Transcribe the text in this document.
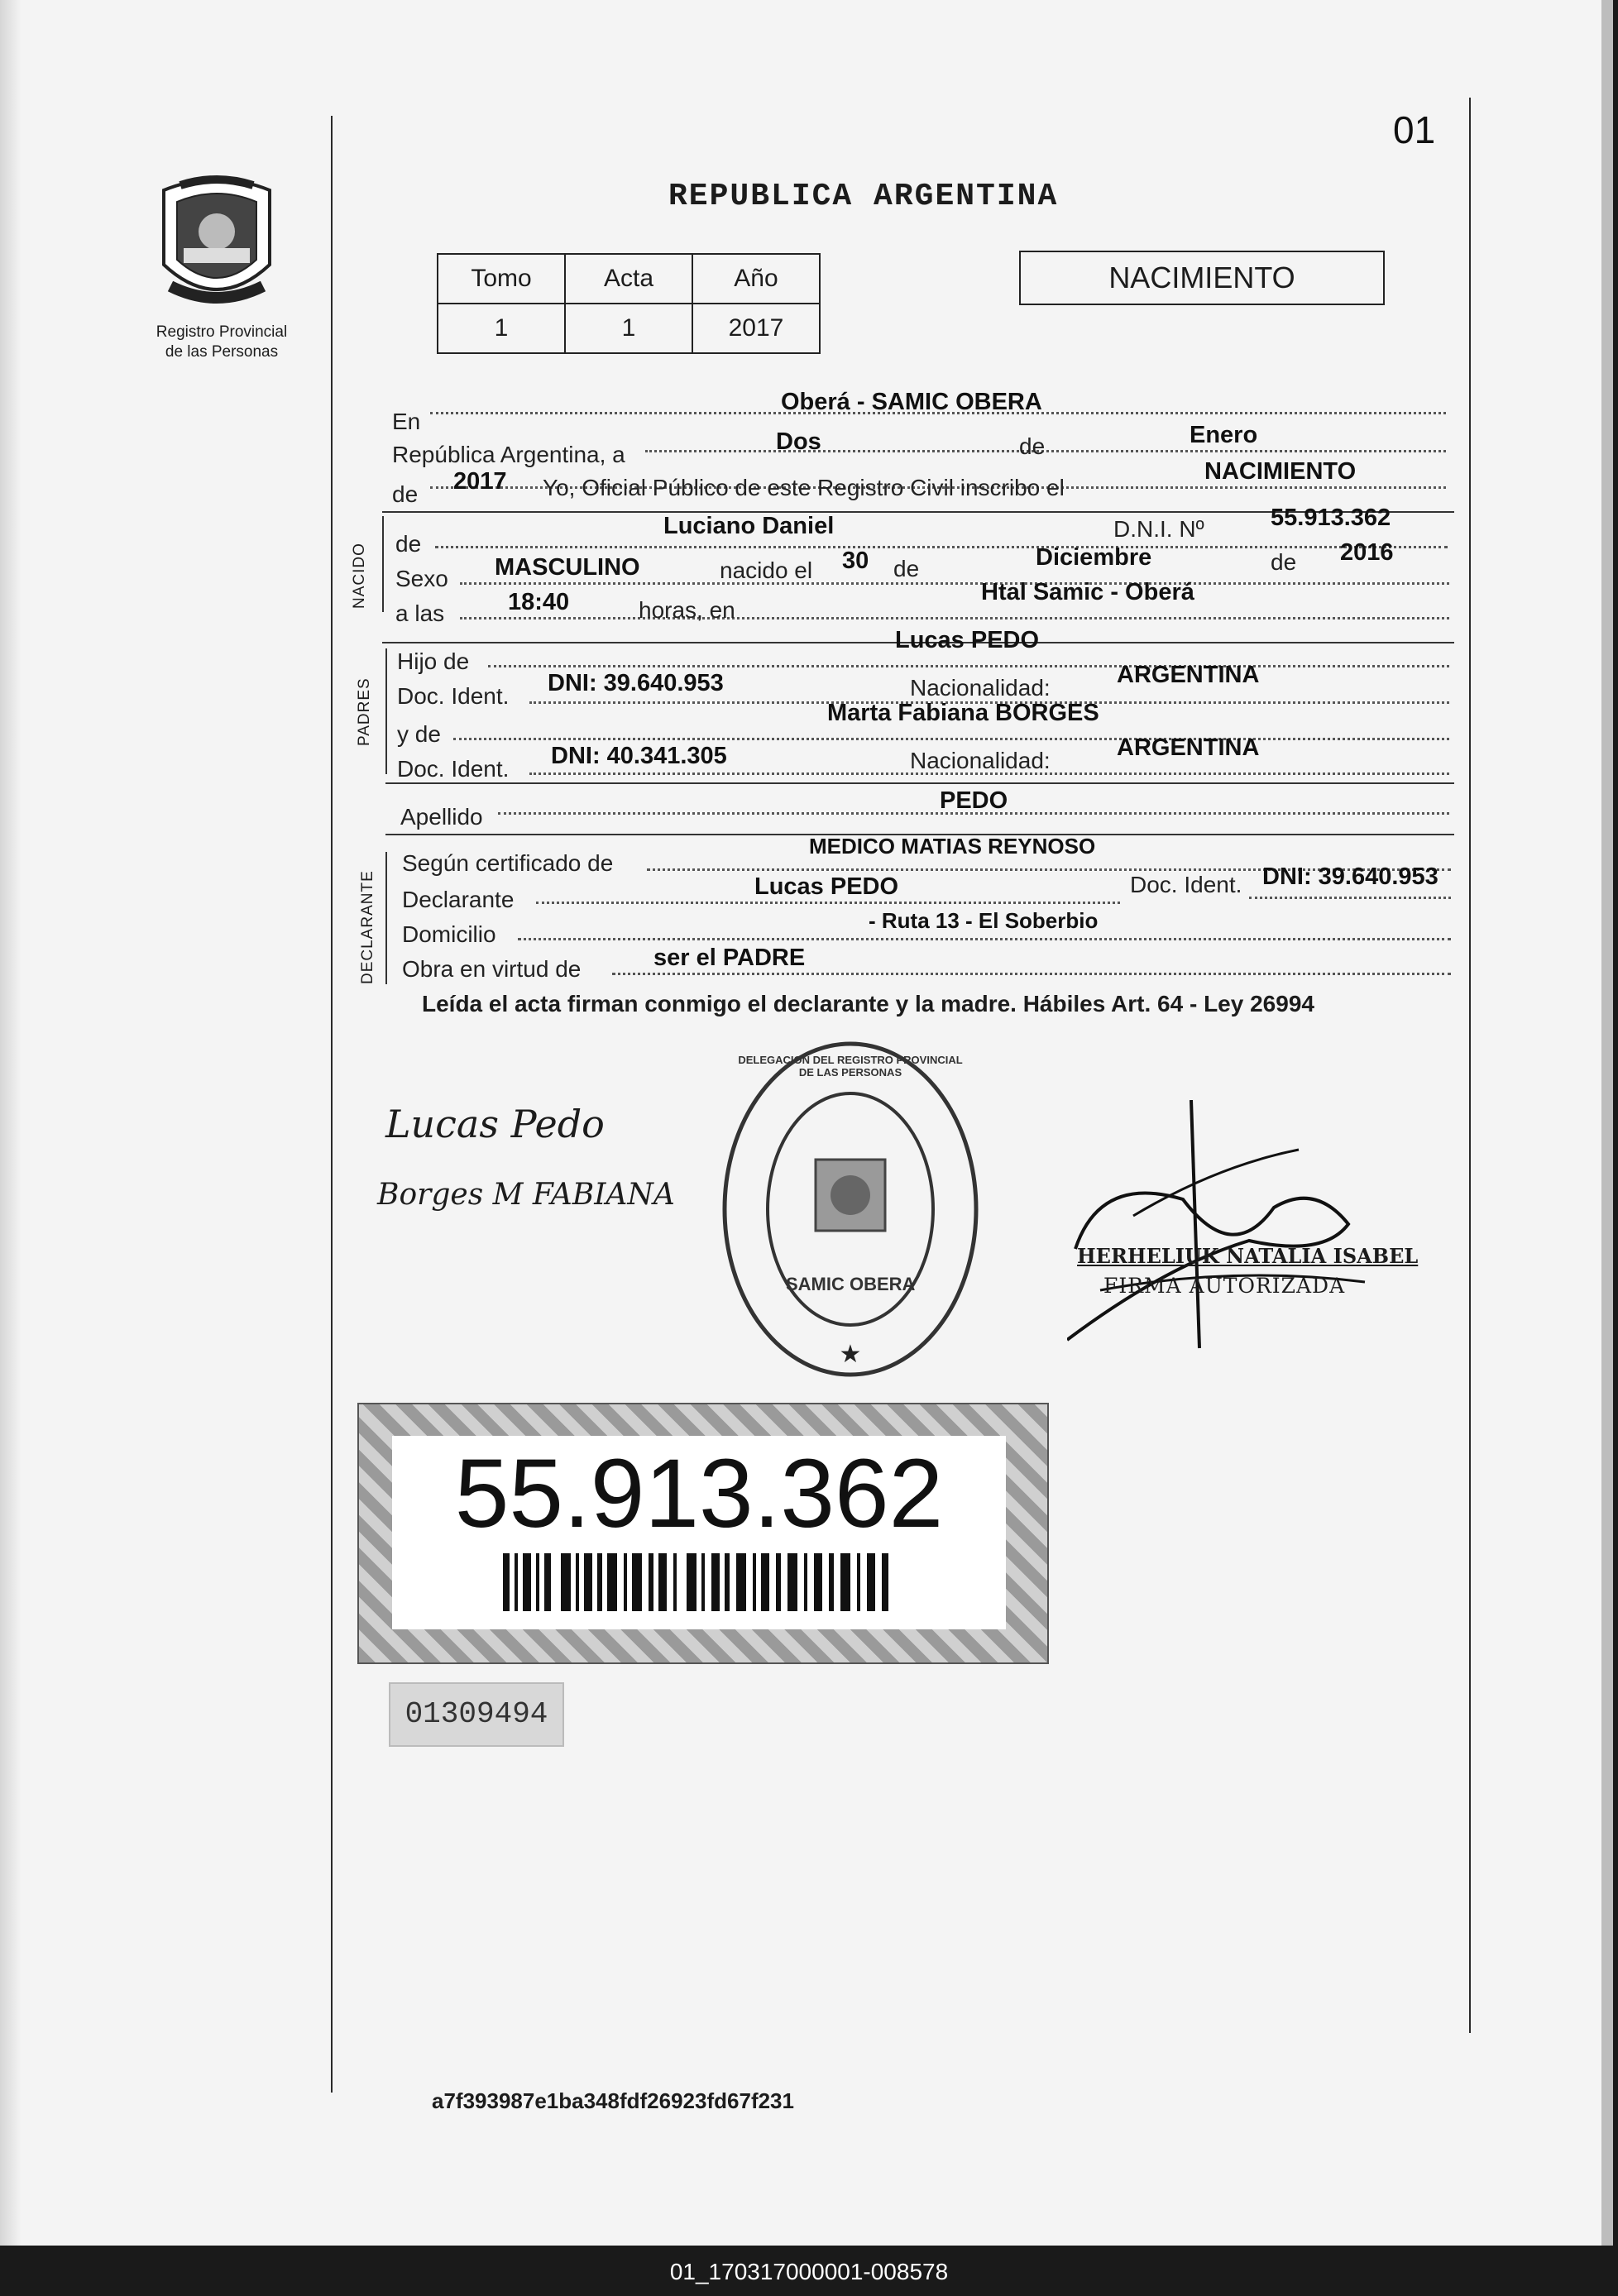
01
REPUBLICA ARGENTINA
Registro Provincial
de las Personas
Tomo	Acta	Año
1	1	2017
NACIMIENTO
En
Oberá - SAMIC OBERA
República Argentina, a	Dos	de	Enero
de 2017 Yo, Oficial Público de este Registro Civil inscribo el
NACIMIENTO
NACIDO de
Luciano Daniel	D.N.I. Nº	55.913.362
Sexo MASCULINO	nacido el 30 de	Diciembre	de 2016
a las	18:40	horas, en
Htal Samic - Oberá
PADRES
Hijo de
Lucas PEDO
Doc. Ident. DNI: 39.640.953	Nacionalidad:	ARGENTINA
y de
Marta Fabiana BORGES
Doc. Ident. DNI: 40.341.305	Nacionalidad:	ARGENTINA
Apellido
PEDO
DECLARANTE
Según certificado de
MEDICO MATIAS REYNOSO
Declarante	Lucas PEDO	Doc. Ident. DNI: 39.640.953
Domicilio
- Ruta 13 - El Soberbio
Obra en virtud de	ser el PADRE
Leída el acta firman conmigo el declarante y la madre. Hábiles Art. 64 - Ley 26994
Lucas Pedo
Borges M FABIANA
★
DELEGACION DEL REGISTRO PROVINCIAL DE LAS PERSONAS
SAMIC OBERA
HERHELIUK NATALIA ISABEL
FIRMA AUTORIZADA
55.913.362
01309494
a7f393987e1ba348fdf26923fd67f231
01_170317000001-008578
